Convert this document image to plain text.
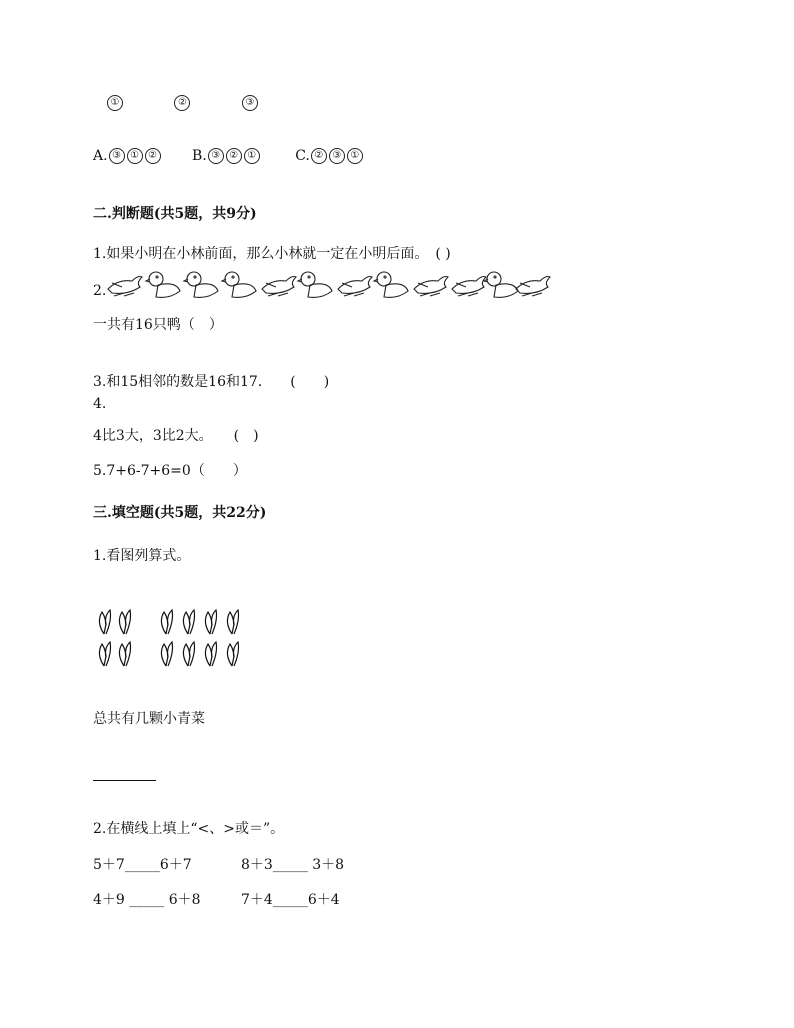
①	②	③
A. ③ ① ② B. ③ ② ①	C. ② ③ ①
二.判断题(共5题，共9分)
1.如果小明在小林前面，那么小林就一定在小明后面。　( )
2.
一共有16只鸭（　）
3.和15相邻的数是16和17.　　(　　)
4.
4比3大，3比2大。　　(　)
5.7+6-7+6=0（　　）
三.填空题(共5题，共22分)
1.看图列算式。
总共有几颗小青菜
2.在横线上填上“<、>或＝”。
5＋7_____6＋7	8＋3_____ 3＋8
4＋9 _____ 6＋8	7＋4_____6＋4
